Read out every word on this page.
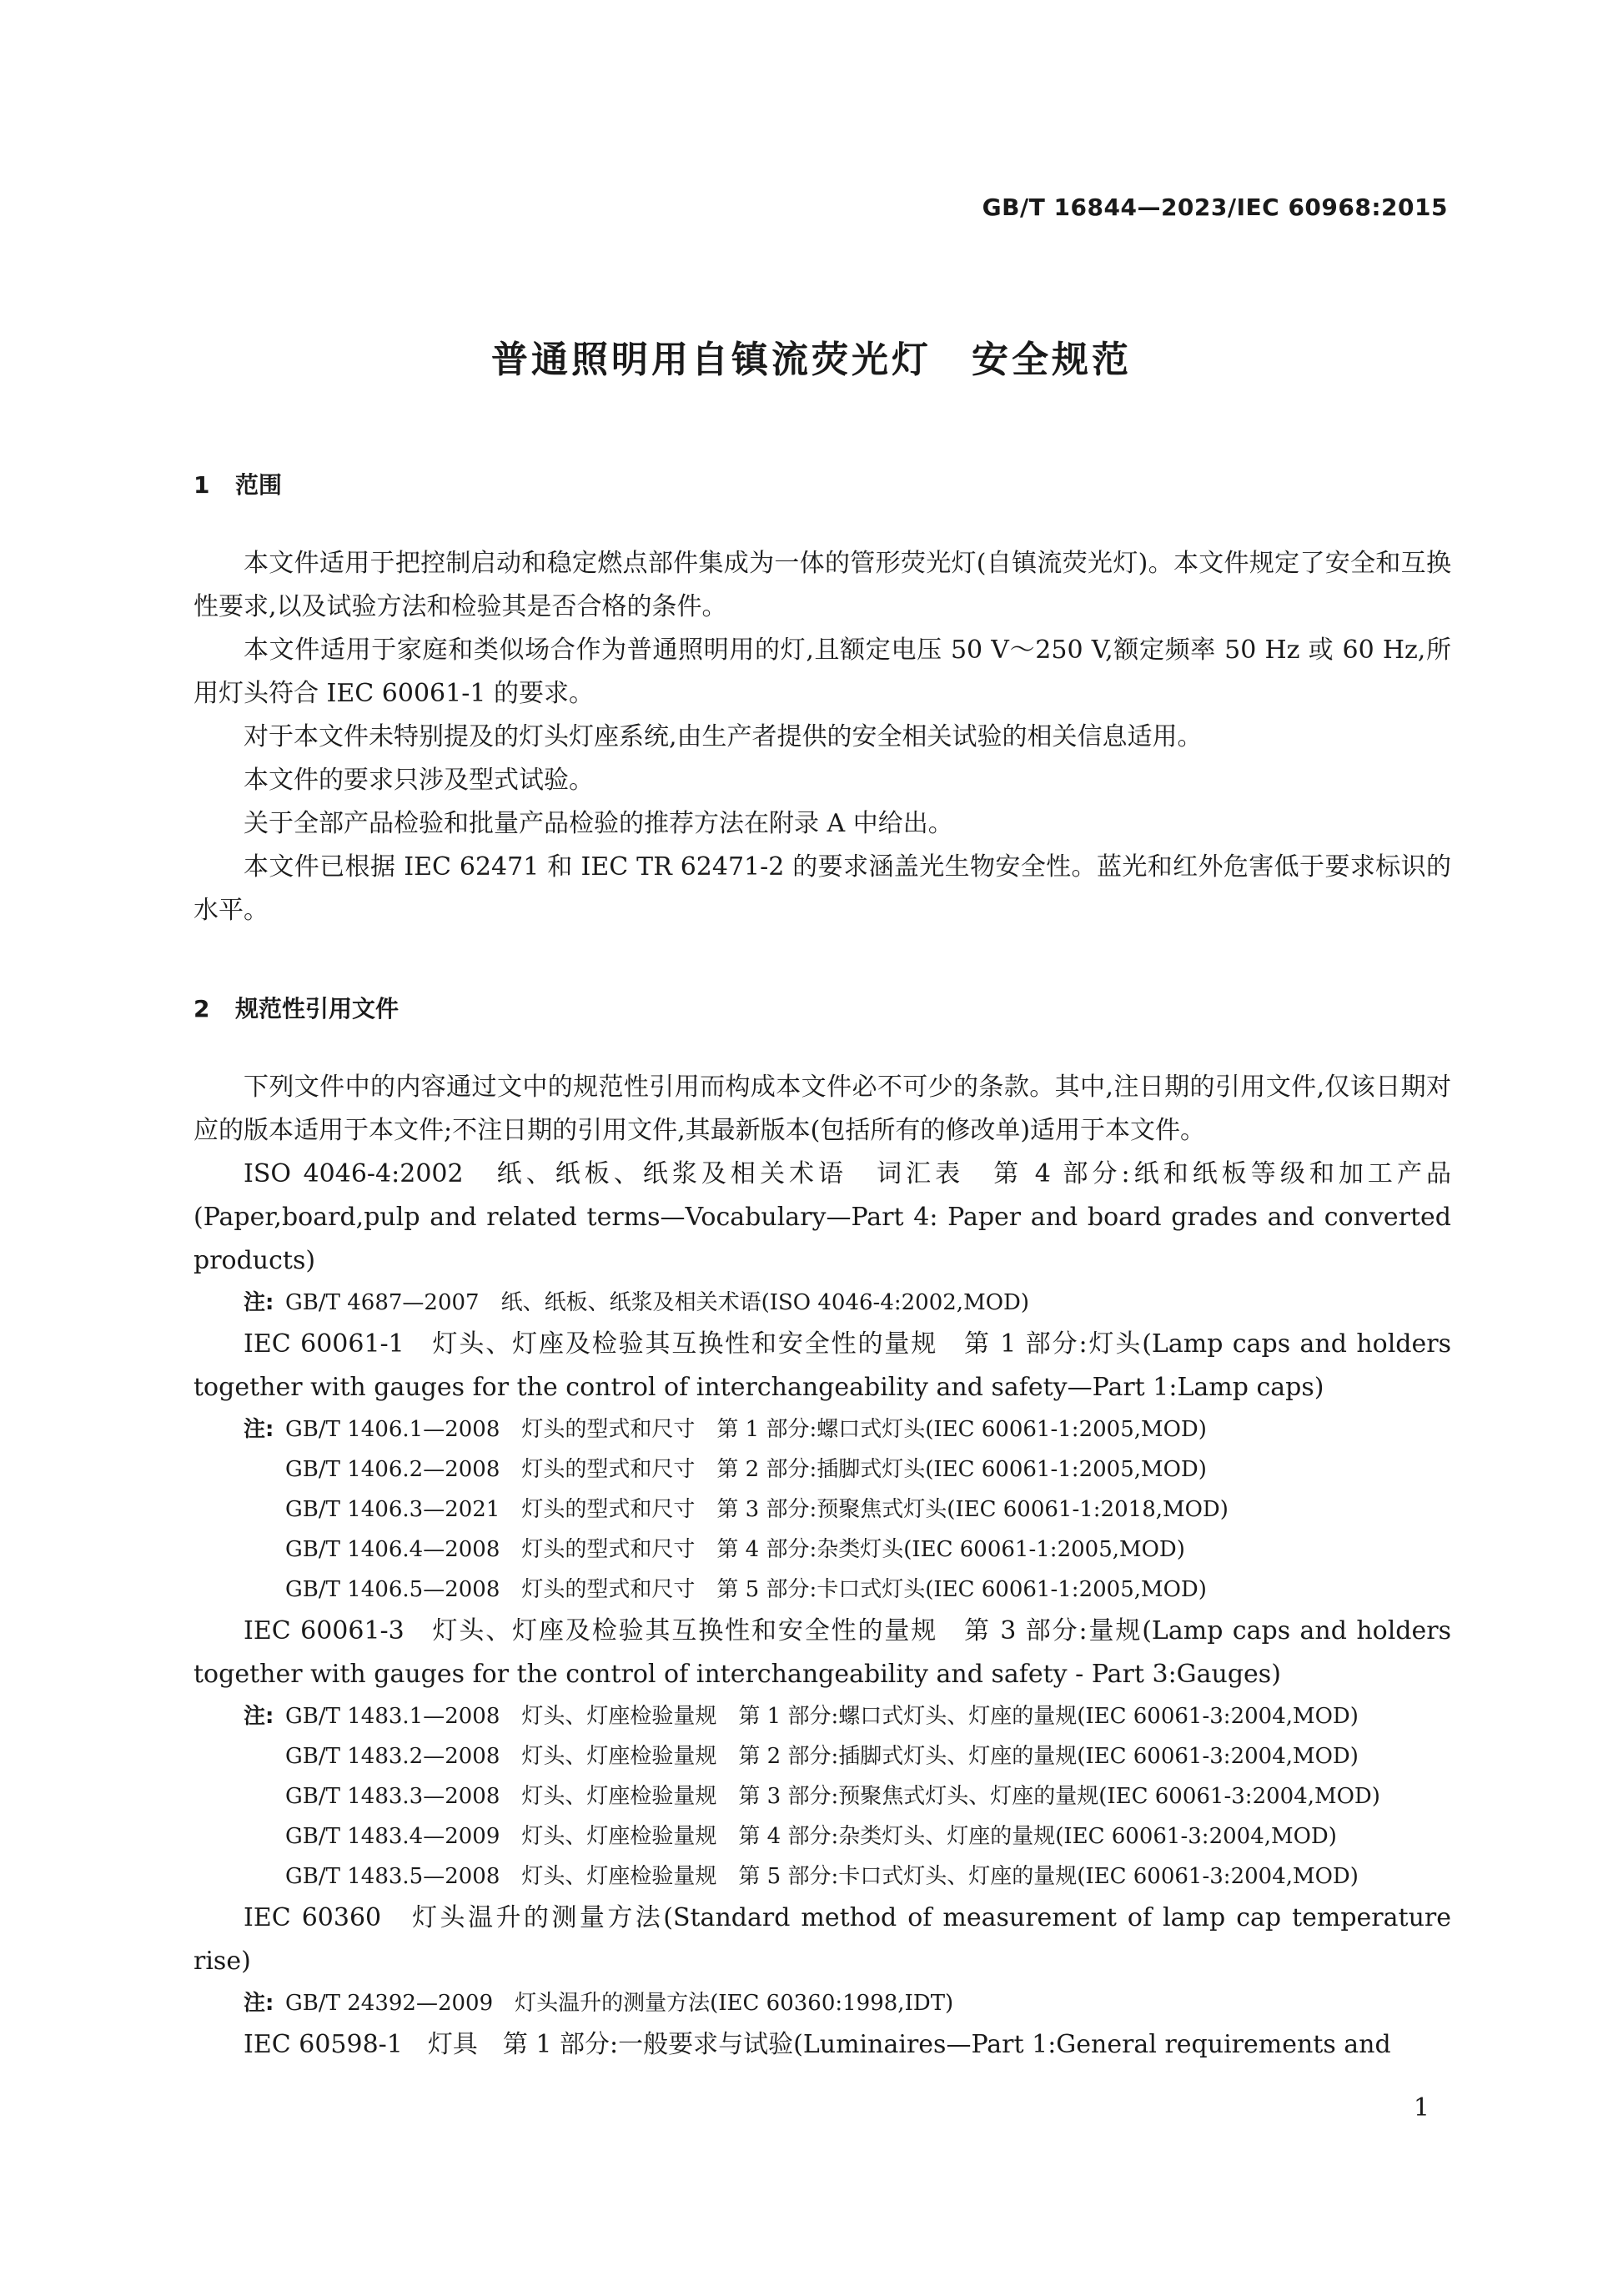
GB/T 16844—2023/IEC 60968:2015
普通照明用自镇流荧光灯　安全规范
1 范围

本文件适用于把控制启动和稳定燃点部件集成为一体的管形荧光灯(自镇流荧光灯)。本文件规定了安全和互换性要求,以及试验方法和检验其是否合格的条件。

本文件适用于家庭和类似场合作为普通照明用的灯,且额定电压 50 V～250 V,额定频率 50 Hz 或 60 Hz,所用灯头符合 IEC 60061-1 的要求。

对于本文件未特别提及的灯头灯座系统,由生产者提供的安全相关试验的相关信息适用。

本文件的要求只涉及型式试验。

关于全部产品检验和批量产品检验的推荐方法在附录 A 中给出。

本文件已根据 IEC 62471 和 IEC TR 62471-2 的要求涵盖光生物安全性。蓝光和红外危害低于要求标识的水平。

2 规范性引用文件

下列文件中的内容通过文中的规范性引用而构成本文件必不可少的条款。其中,注日期的引用文件,仅该日期对应的版本适用于本文件;不注日期的引用文件,其最新版本(包括所有的修改单)适用于本文件。

ISO 4046-4:2002　纸、纸板、纸浆及相关术语　词汇表　第 4 部分:纸和纸板等级和加工产品(Paper,board,pulp and related terms—Vocabulary—Part 4: Paper and board grades and converted products)

注: GB/T 4687—2007　纸、纸板、纸浆及相关术语(ISO 4046-4:2002,MOD)

IEC 60061-1　灯头、灯座及检验其互换性和安全性的量规　第 1 部分:灯头(Lamp caps and holders together with gauges for the control of interchangeability and safety—Part 1:Lamp caps)

注: GB/T 1406.1—2008　灯头的型式和尺寸　第 1 部分:螺口式灯头(IEC 60061-1:2005,MOD)

GB/T 1406.2—2008　灯头的型式和尺寸　第 2 部分:插脚式灯头(IEC 60061-1:2005,MOD)

GB/T 1406.3—2021　灯头的型式和尺寸　第 3 部分:预聚焦式灯头(IEC 60061-1:2018,MOD)

GB/T 1406.4—2008　灯头的型式和尺寸　第 4 部分:杂类灯头(IEC 60061-1:2005,MOD)

GB/T 1406.5—2008　灯头的型式和尺寸　第 5 部分:卡口式灯头(IEC 60061-1:2005,MOD)

IEC 60061-3　灯头、灯座及检验其互换性和安全性的量规　第 3 部分:量规(Lamp caps and holders together with gauges for the control of interchangeability and safety - Part 3:Gauges)

注: GB/T 1483.1—2008　灯头、灯座检验量规　第 1 部分:螺口式灯头、灯座的量规(IEC 60061-3:2004,MOD)

GB/T 1483.2—2008　灯头、灯座检验量规　第 2 部分:插脚式灯头、灯座的量规(IEC 60061-3:2004,MOD)

GB/T 1483.3—2008　灯头、灯座检验量规　第 3 部分:预聚焦式灯头、灯座的量规(IEC 60061-3:2004,MOD)

GB/T 1483.4—2009　灯头、灯座检验量规　第 4 部分:杂类灯头、灯座的量规(IEC 60061-3:2004,MOD)

GB/T 1483.5—2008　灯头、灯座检验量规　第 5 部分:卡口式灯头、灯座的量规(IEC 60061-3:2004,MOD)

IEC 60360　灯头温升的测量方法(Standard method of measurement of lamp cap temperature rise)

注: GB/T 24392—2009　灯头温升的测量方法(IEC 60360:1998,IDT)

IEC 60598-1　灯具　第 1 部分:一般要求与试验(Luminaires—Part 1:General requirements and

1
